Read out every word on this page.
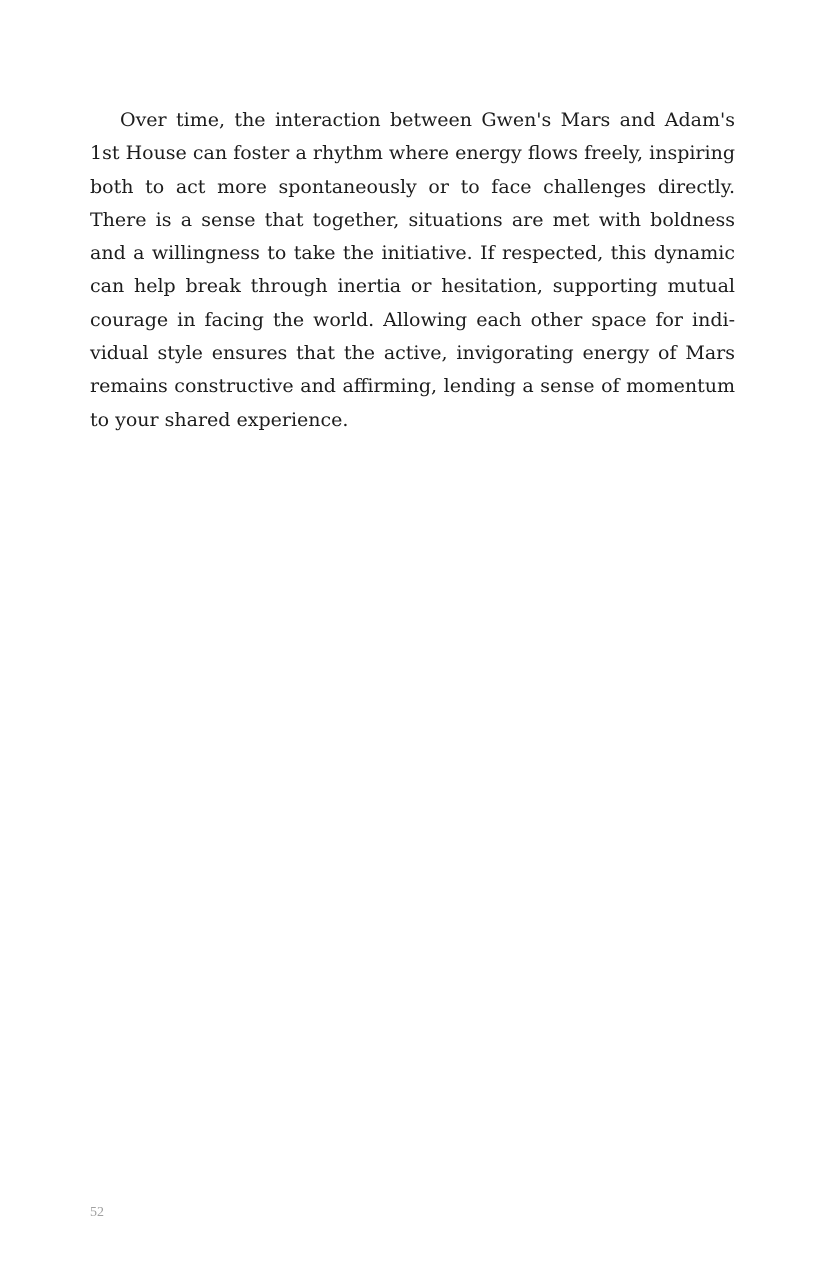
Over time, the interaction between Gwen's Mars and Adam's 1st House can foster a rhythm where energy flows freely, inspiring both to act more spontaneously or to face challenges directly. There is a sense that together, situations are met with boldness and a willingness to take the initiative. If respected, this dynamic can help break through inertia or hesitation, supporting mutual courage in facing the world. Allowing each other space for individual style ensures that the active, invigorating energy of Mars remains constructive and affirming, lending a sense of momentum to your shared experience.

52
